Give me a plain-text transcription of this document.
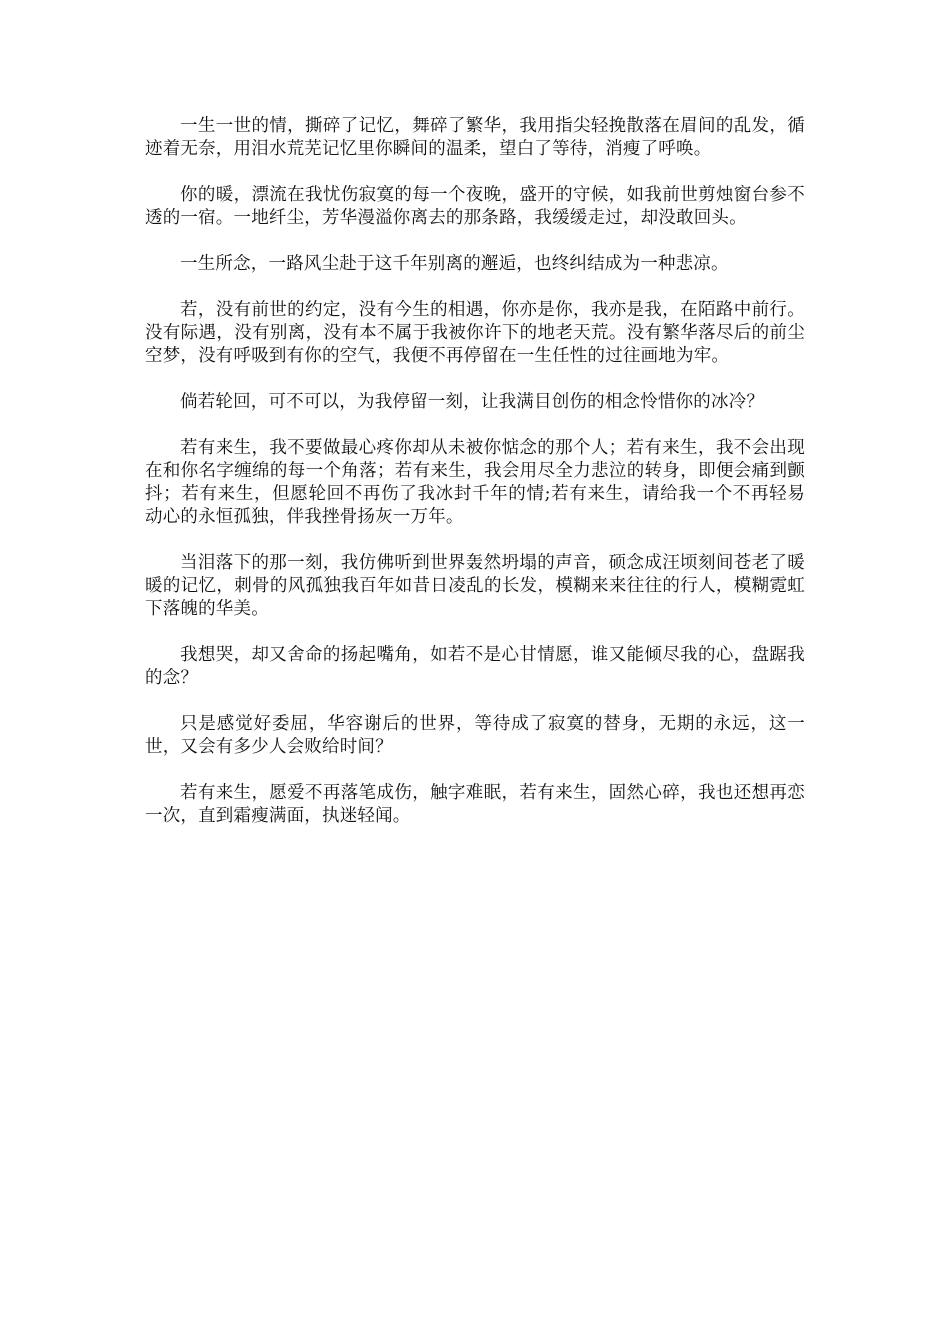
一生一世的情，撕碎了记忆，舞碎了繁华，我用指尖轻挽散落在眉间的乱发，循迹着无奈，用泪水荒芜记忆里你瞬间的温柔，望白了等待，消瘦了呼唤。

你的暖，漂流在我忧伤寂寞的每一个夜晚，盛开的守候，如我前世剪烛窗台参不透的一宿。一地纤尘，芳华漫溢你离去的那条路，我缓缓走过，却没敢回头。

一生所念，一路风尘赴于这千年别离的邂逅，也终纠结成为一种悲凉。

若，没有前世的约定，没有今生的相遇，你亦是你，我亦是我，在陌路中前行。没有际遇，没有别离，没有本不属于我被你许下的地老天荒。没有繁华落尽后的前尘空梦，没有呼吸到有你的空气，我便不再停留在一生任性的过往画地为牢。

倘若轮回，可不可以，为我停留一刻，让我满目创伤的相念怜惜你的冰冷？

若有来生，我不要做最心疼你却从未被你惦念的那个人；若有来生，我不会出现在和你名字缠绵的每一个角落；若有来生，我会用尽全力悲泣的转身，即便会痛到颤抖；若有来生，但愿轮回不再伤了我冰封千年的情;若有来生，请给我一个不再轻易动心的永恒孤独，伴我挫骨扬灰一万年。

当泪落下的那一刻，我仿佛听到世界轰然坍塌的声音，硕念成汪顷刻间苍老了暖暖的记忆，刺骨的风孤独我百年如昔日凌乱的长发，模糊来来往往的行人，模糊霓虹下落魄的华美。

我想哭，却又舍命的扬起嘴角，如若不是心甘情愿，谁又能倾尽我的心，盘踞我的念？

只是感觉好委屈，华容谢后的世界，等待成了寂寞的替身，无期的永远，这一世，又会有多少人会败给时间？

若有来生，愿爱不再落笔成伤，触字难眠，若有来生，固然心碎，我也还想再恋一次，直到霜瘦满面，执迷轻闻。
